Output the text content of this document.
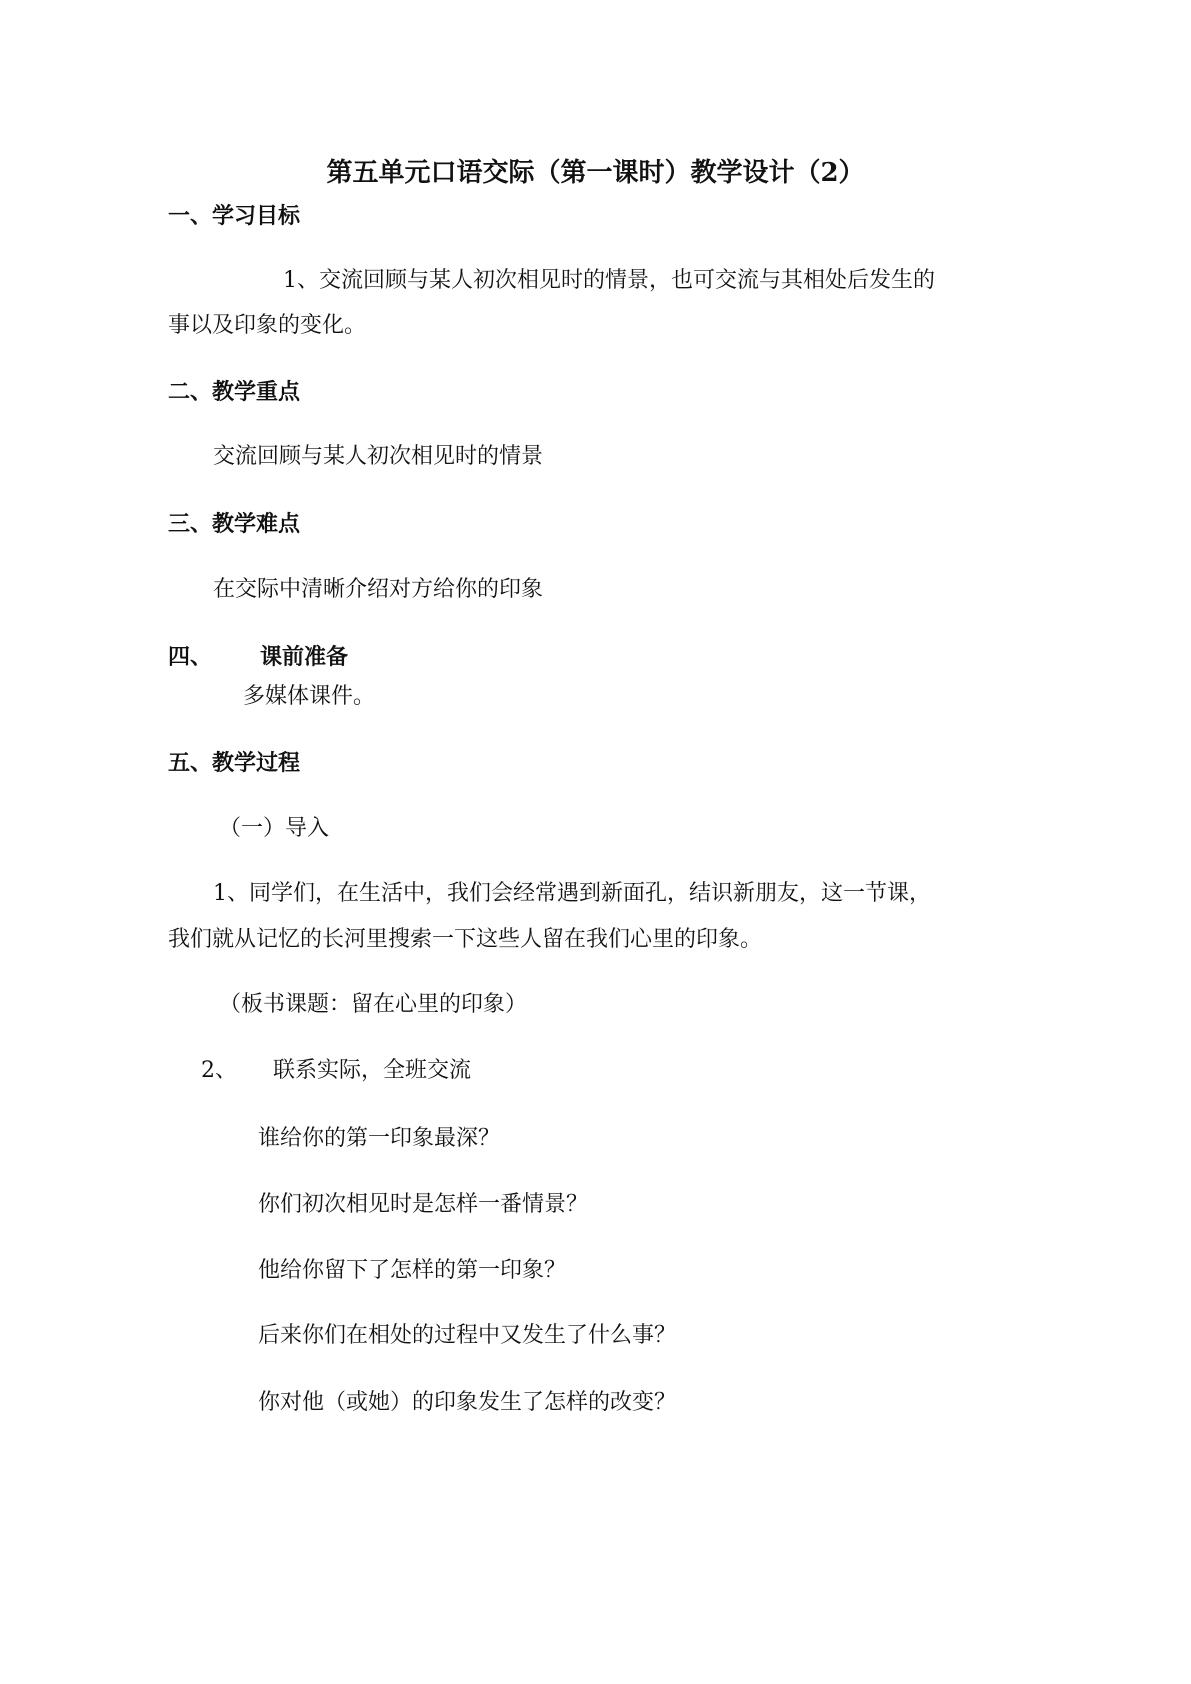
第五单元口语交际（第一课时）教学设计（2）
一、学习目标
1、交流回顾与某人初次相见时的情景，也可交流与其相处后发生的
事以及印象的变化。
二、教学重点
交流回顾与某人初次相见时的情景
三、教学难点
在交际中清晰介绍对方给你的印象
四、 课前准备
多媒体课件。
五、教学过程
（一）导入
1、同学们，在生活中，我们会经常遇到新面孔，结识新朋友，这一节课，
我们就从记忆的长河里搜索一下这些人留在我们心里的印象。
（板书课题：留在心里的印象）
2、 联系实际，全班交流
谁给你的第一印象最深？
你们初次相见时是怎样一番情景？
他给你留下了怎样的第一印象？
后来你们在相处的过程中又发生了什么事？
你对他（或她）的印象发生了怎样的改变？
